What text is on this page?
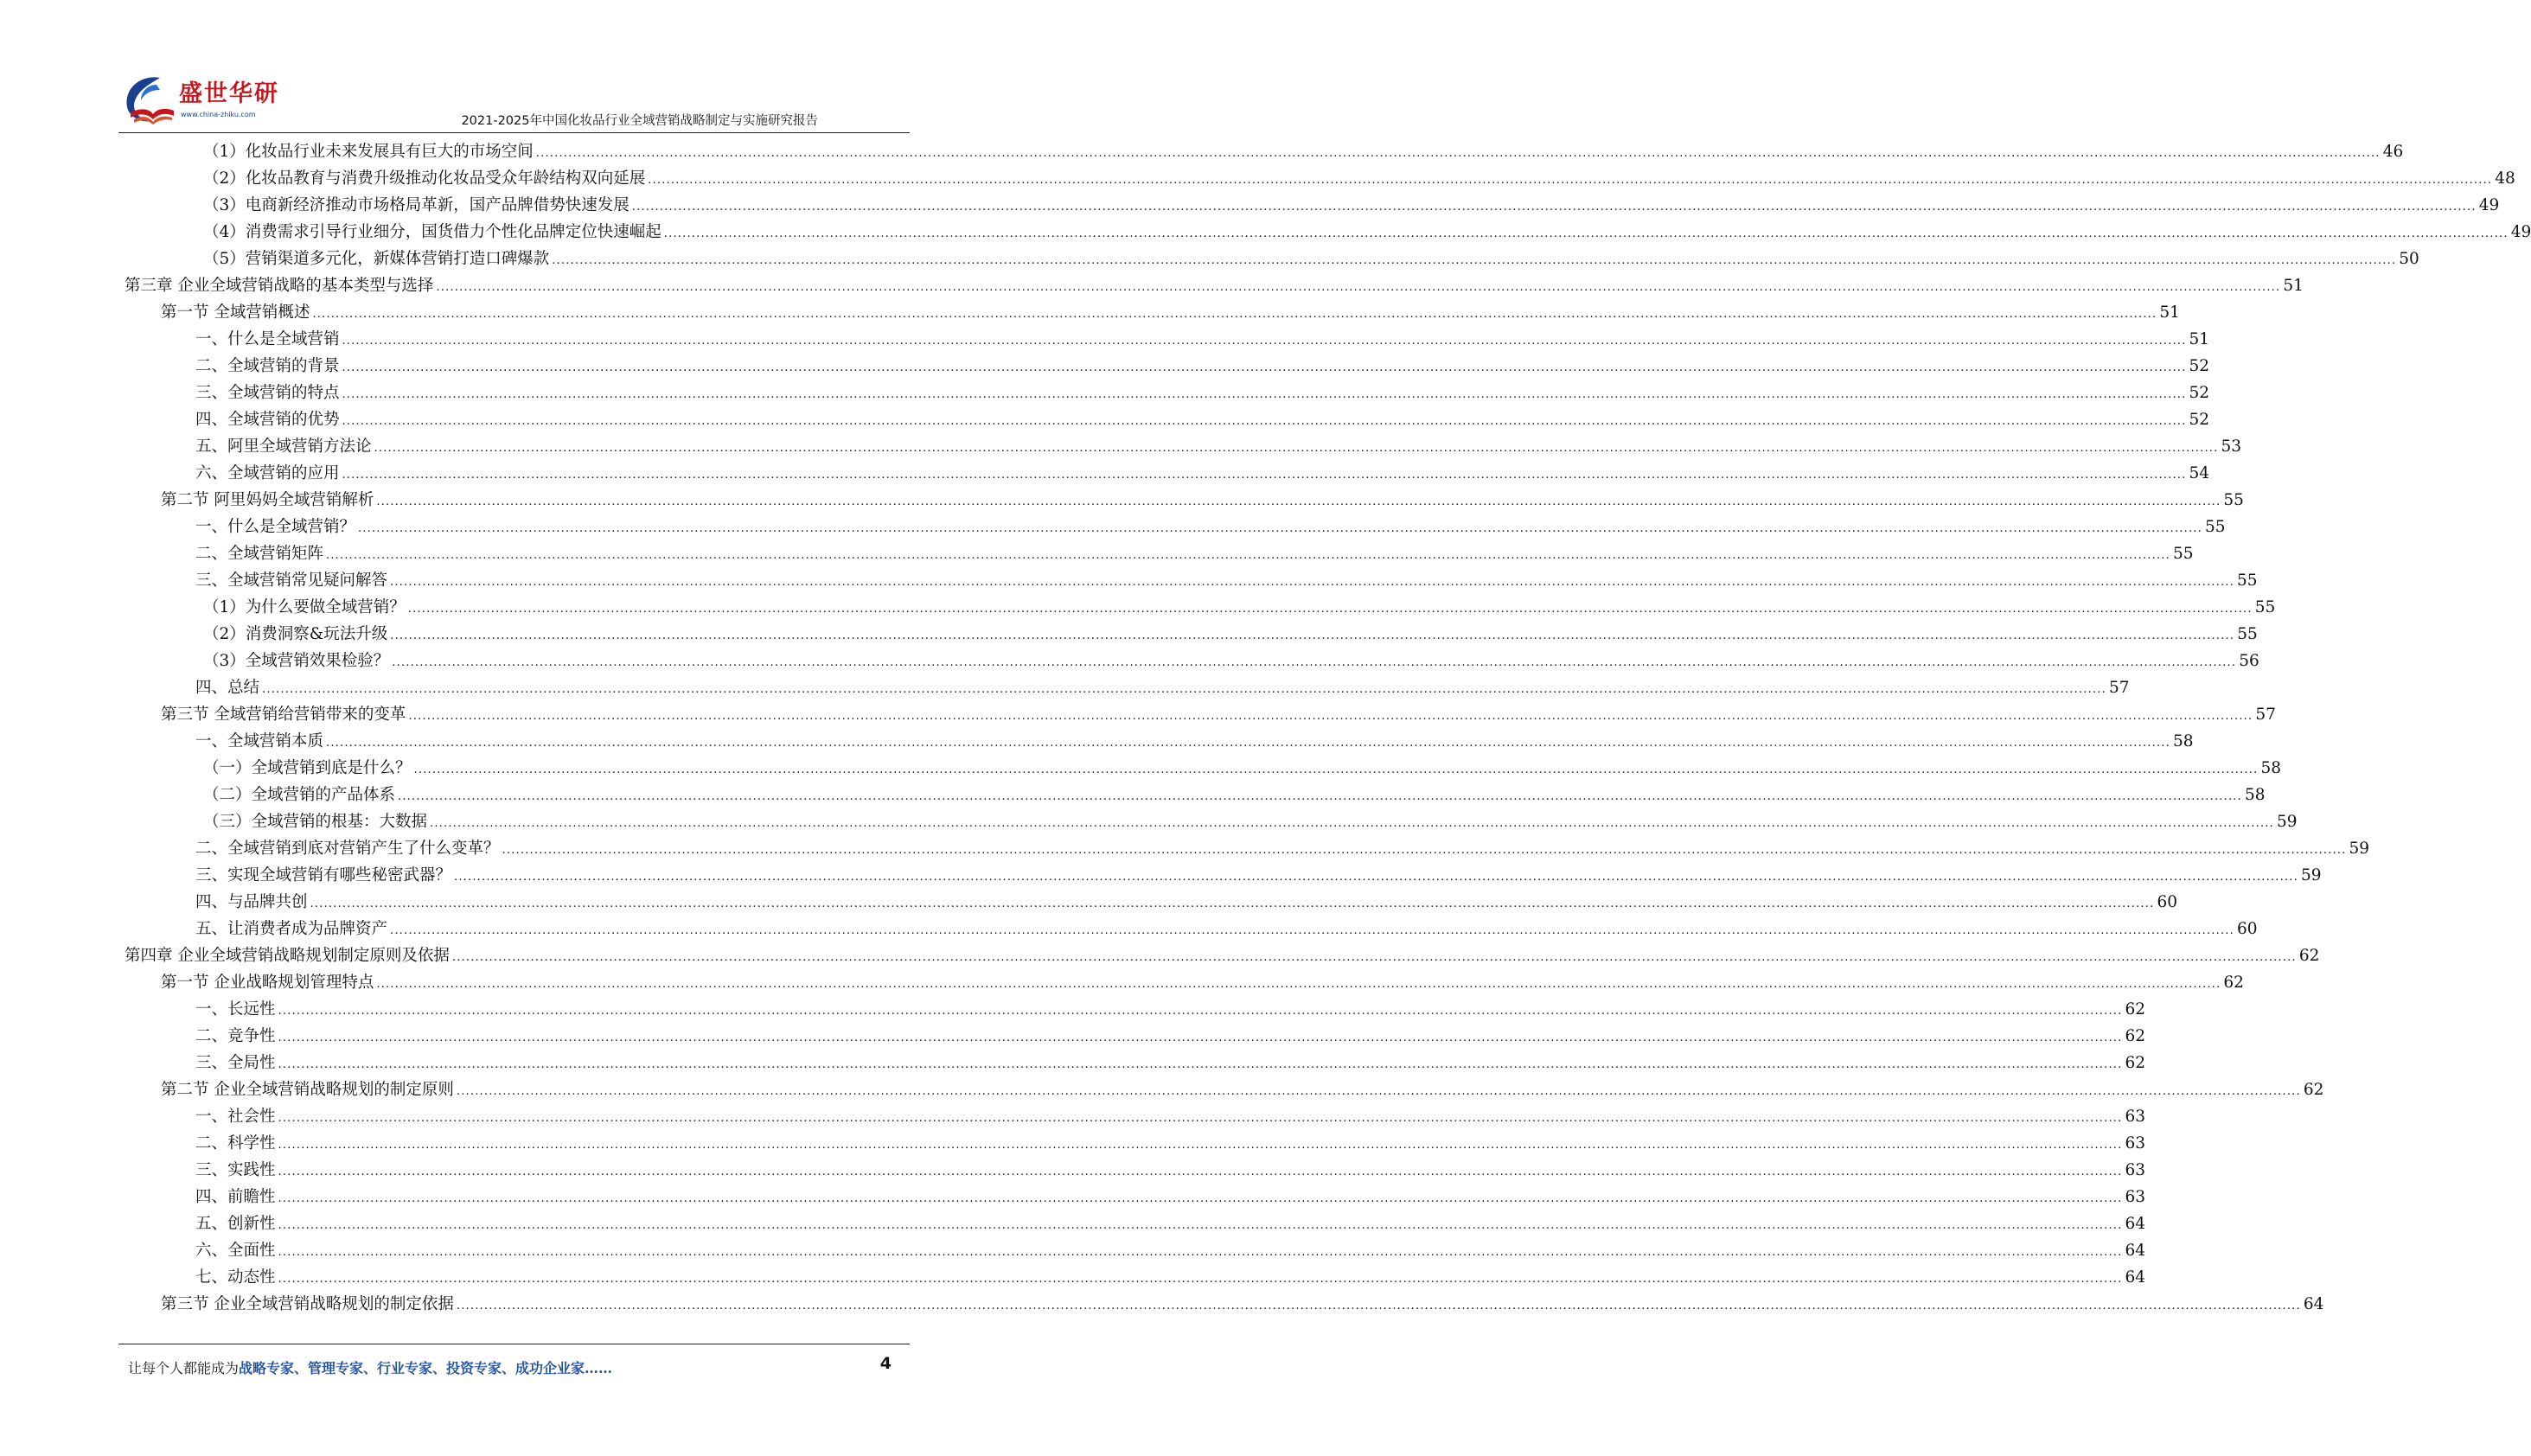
盛世华研
www.china-zhiku.com	2021-2025年中国化妆品行业全域营销战略制定与实施研究报告
（1）化妆品行业未来发展具有巨大的市场空间 ................................................................................................................................................................................................................................................................................................................................................................................................................ 46
（2）化妆品教育与消费升级推动化妆品受众年龄结构双向延展 ................................................................................................................................................................................................................................................................................................................................................................................................................ 48
（3）电商新经济推动市场格局革新，国产品牌借势快速发展 ................................................................................................................................................................................................................................................................................................................................................................................................................ 49
（4）消费需求引导行业细分，国货借力个性化品牌定位快速崛起 ................................................................................................................................................................................................................................................................................................................................................................................................................ 49
（5）营销渠道多元化，新媒体营销打造口碑爆款 ................................................................................................................................................................................................................................................................................................................................................................................................................ 50
第三章 企业全域营销战略的基本类型与选择 ................................................................................................................................................................................................................................................................................................................................................................................................................ 51
第一节 全域营销概述 ................................................................................................................................................................................................................................................................................................................................................................................................................ 51
一、什么是全域营销 ................................................................................................................................................................................................................................................................................................................................................................................................................ 51
二、全域营销的背景 ................................................................................................................................................................................................................................................................................................................................................................................................................ 52
三、全域营销的特点 ................................................................................................................................................................................................................................................................................................................................................................................................................ 52
四、全域营销的优势 ................................................................................................................................................................................................................................................................................................................................................................................................................ 52
五、阿里全域营销方法论 ................................................................................................................................................................................................................................................................................................................................................................................................................ 53
六、全域营销的应用 ................................................................................................................................................................................................................................................................................................................................................................................................................ 54
第二节 阿里妈妈全域营销解析 ................................................................................................................................................................................................................................................................................................................................................................................................................ 55
一、什么是全域营销？ ................................................................................................................................................................................................................................................................................................................................................................................................................ 55
二、全域营销矩阵 ................................................................................................................................................................................................................................................................................................................................................................................................................ 55
三、全域营销常见疑问解答 ................................................................................................................................................................................................................................................................................................................................................................................................................ 55
（1）为什么要做全域营销？ ................................................................................................................................................................................................................................................................................................................................................................................................................ 55
（2）消费洞察&玩法升级 ................................................................................................................................................................................................................................................................................................................................................................................................................ 55
（3）全域营销效果检验？ ................................................................................................................................................................................................................................................................................................................................................................................................................ 56
四、总结 ................................................................................................................................................................................................................................................................................................................................................................................................................ 57
第三节 全域营销给营销带来的变革 ................................................................................................................................................................................................................................................................................................................................................................................................................ 57
一、全域营销本质 ................................................................................................................................................................................................................................................................................................................................................................................................................ 58
（一）全域营销到底是什么？ ................................................................................................................................................................................................................................................................................................................................................................................................................ 58
（二）全域营销的产品体系 ................................................................................................................................................................................................................................................................................................................................................................................................................ 58
（三）全域营销的根基：大数据 ................................................................................................................................................................................................................................................................................................................................................................................................................ 59
二、全域营销到底对营销产生了什么变革？ ................................................................................................................................................................................................................................................................................................................................................................................................................ 59
三、实现全域营销有哪些秘密武器？ ................................................................................................................................................................................................................................................................................................................................................................................................................ 59
四、与品牌共创 ................................................................................................................................................................................................................................................................................................................................................................................................................ 60
五、让消费者成为品牌资产 ................................................................................................................................................................................................................................................................................................................................................................................................................ 60
第四章 企业全域营销战略规划制定原则及依据 ................................................................................................................................................................................................................................................................................................................................................................................................................ 62
第一节 企业战略规划管理特点 ................................................................................................................................................................................................................................................................................................................................................................................................................ 62
一、长远性 ................................................................................................................................................................................................................................................................................................................................................................................................................ 62
二、竞争性 ................................................................................................................................................................................................................................................................................................................................................................................................................ 62
三、全局性 ................................................................................................................................................................................................................................................................................................................................................................................................................ 62
第二节 企业全域营销战略规划的制定原则 ................................................................................................................................................................................................................................................................................................................................................................................................................ 62
一、社会性 ................................................................................................................................................................................................................................................................................................................................................................................................................ 63
二、科学性 ................................................................................................................................................................................................................................................................................................................................................................................................................ 63
三、实践性 ................................................................................................................................................................................................................................................................................................................................................................................................................ 63
四、前瞻性 ................................................................................................................................................................................................................................................................................................................................................................................................................ 63
五、创新性 ................................................................................................................................................................................................................................................................................................................................................................................................................ 64
六、全面性 ................................................................................................................................................................................................................................................................................................................................................................................................................ 64
七、动态性 ................................................................................................................................................................................................................................................................................................................................................................................................................ 64
第三节 企业全域营销战略规划的制定依据 ................................................................................................................................................................................................................................................................................................................................................................................................................ 64
让每个人都能成为战略专家、管理专家、行业专家、投资专家、成功企业家……	4
